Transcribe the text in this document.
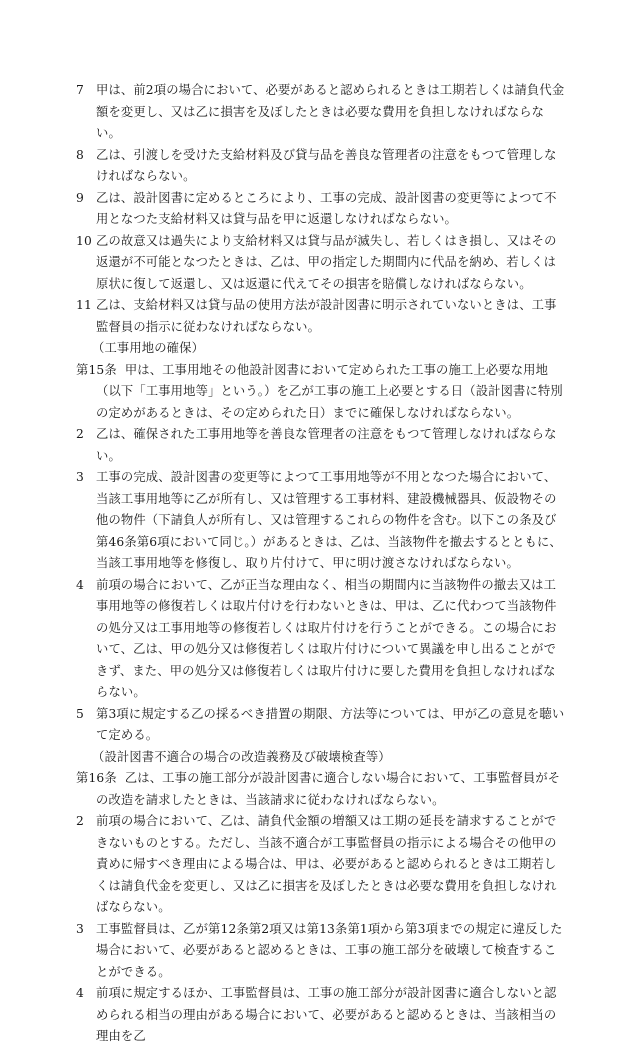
7 甲は、前2項の場合において、必要があると認められるときは工期若しくは請負代金額を変更し、又は乙に損害を及ぼしたときは必要な費用を負担しなければならない。

8 乙は、引渡しを受けた支給材料及び貸与品を善良な管理者の注意をもつて管理しなければならない。

9 乙は、設計図書に定めるところにより、工事の完成、設計図書の変更等によつて不用となつた支給材料又は貸与品を甲に返還しなければならない。

10 乙の故意又は過失により支給材料又は貸与品が滅失し、若しくはき損し、又はその返還が不可能となつたときは、乙は、甲の指定した期間内に代品を納め、若しくは原状に復して返還し、又は返還に代えてその損害を賠償しなければならない。

11 乙は、支給材料又は貸与品の使用方法が設計図書に明示されていないときは、工事監督員の指示に従わなければならない。

（工事用地の確保）

第15条 甲は、工事用地その他設計図書において定められた工事の施工上必要な用地（以下「工事用地等」という。）を乙が工事の施工上必要とする日（設計図書に特別の定めがあるときは、その定められた日）までに確保しなければならない。

2 乙は、確保された工事用地等を善良な管理者の注意をもつて管理しなければならない。

3 工事の完成、設計図書の変更等によつて工事用地等が不用となつた場合において、当該工事用地等に乙が所有し、又は管理する工事材料、建設機械器具、仮設物その他の物件（下請負人が所有し、又は管理するこれらの物件を含む。以下この条及び第46条第6項において同じ。）があるときは、乙は、当該物件を撤去するとともに、当該工事用地等を修復し、取り片付けて、甲に明け渡さなければならない。

4 前項の場合において、乙が正当な理由なく、相当の期間内に当該物件の撤去又は工事用地等の修復若しくは取片付けを行わないときは、甲は、乙に代わつて当該物件の処分又は工事用地等の修復若しくは取片付けを行うことができる。この場合において、乙は、甲の処分又は修復若しくは取片付けについて異議を申し出ることができず、また、甲の処分又は修復若しくは取片付けに要した費用を負担しなければならない。

5 第3項に規定する乙の採るべき措置の期限、方法等については、甲が乙の意見を聴いて定める。

（設計図書不適合の場合の改造義務及び破壊検査等）

第16条 乙は、工事の施工部分が設計図書に適合しない場合において、工事監督員がその改造を請求したときは、当該請求に従わなければならない。

2 前項の場合において、乙は、請負代金額の増額又は工期の延長を請求することができないものとする。ただし、当該不適合が工事監督員の指示による場合その他甲の責めに帰すべき理由による場合は、甲は、必要があると認められるときは工期若しくは請負代金を変更し、又は乙に損害を及ぼしたときは必要な費用を負担しなければならない。

3 工事監督員は、乙が第12条第2項又は第13条第1項から第3項までの規定に違反した場合において、必要があると認めるときは、工事の施工部分を破壊して検査することができる。

4 前項に規定するほか、工事監督員は、工事の施工部分が設計図書に適合しないと認められる相当の理由がある場合において、必要があると認めるときは、当該相当の理由を乙
